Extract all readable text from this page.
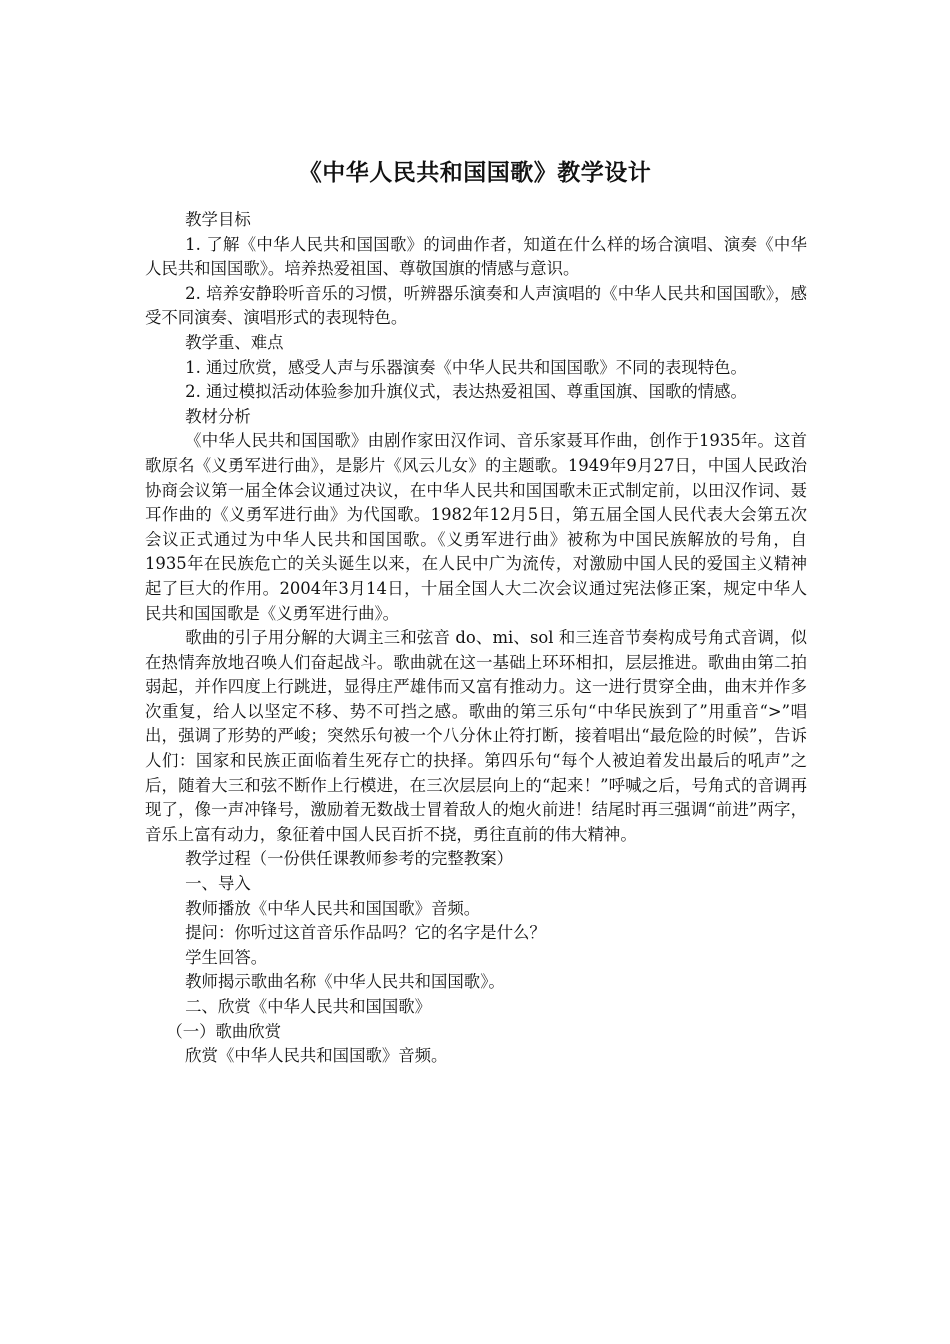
《中华人民共和国国歌》教学设计

教学目标

1. 了解《中华人民共和国国歌》的词曲作者，知道在什么样的场合演唱、演奏《中华人民共和国国歌》。培养热爱祖国、尊敬国旗的情感与意识。

2. 培养安静聆听音乐的习惯，听辨器乐演奏和人声演唱的《中华人民共和国国歌》，感受不同演奏、演唱形式的表现特色。

教学重、难点

1. 通过欣赏，感受人声与乐器演奏《中华人民共和国国歌》不同的表现特色。

2. 通过模拟活动体验参加升旗仪式，表达热爱祖国、尊重国旗、国歌的情感。

教材分析

《中华人民共和国国歌》由剧作家田汉作词、音乐家聂耳作曲，创作于1935年。这首歌原名《义勇军进行曲》，是影片《风云儿女》的主题歌。1949年9月27日，中国人民政治协商会议第一届全体会议通过决议，在中华人民共和国国歌未正式制定前，以田汉作词、聂耳作曲的《义勇军进行曲》为代国歌。1982年12月5日，第五届全国人民代表大会第五次会议正式通过为中华人民共和国国歌。《义勇军进行曲》被称为中国民族解放的号角，自1935年在民族危亡的关头诞生以来，在人民中广为流传，对激励中国人民的爱国主义精神起了巨大的作用。2004年3月14日，十届全国人大二次会议通过宪法修正案，规定中华人民共和国国歌是《义勇军进行曲》。

歌曲的引子用分解的大调主三和弦音 do、mi、sol 和三连音节奏构成号角式音调，似在热情奔放地召唤人们奋起战斗。歌曲就在这一基础上环环相扣，层层推进。歌曲由第二拍弱起，并作四度上行跳进，显得庄严雄伟而又富有推动力。这一进行贯穿全曲，曲末并作多次重复，给人以坚定不移、势不可挡之感。歌曲的第三乐句“中华民族到了”用重音“>”唱出，强调了形势的严峻；突然乐句被一个八分休止符打断，接着唱出“最危险的时候”，告诉人们：国家和民族正面临着生死存亡的抉择。第四乐句“每个人被迫着发出最后的吼声”之后，随着大三和弦不断作上行模进，在三次层层向上的“起来！”呼喊之后，号角式的音调再现了，像一声冲锋号，激励着无数战士冒着敌人的炮火前进！结尾时再三强调“前进”两字，音乐上富有动力，象征着中国人民百折不挠，勇往直前的伟大精神。

教学过程（一份供任课教师参考的完整教案）

一、导入

教师播放《中华人民共和国国歌》音频。

提问：你听过这首音乐作品吗？它的名字是什么？

学生回答。

教师揭示歌曲名称《中华人民共和国国歌》。

二、欣赏《中华人民共和国国歌》

（一）歌曲欣赏

欣赏《中华人民共和国国歌》音频。
